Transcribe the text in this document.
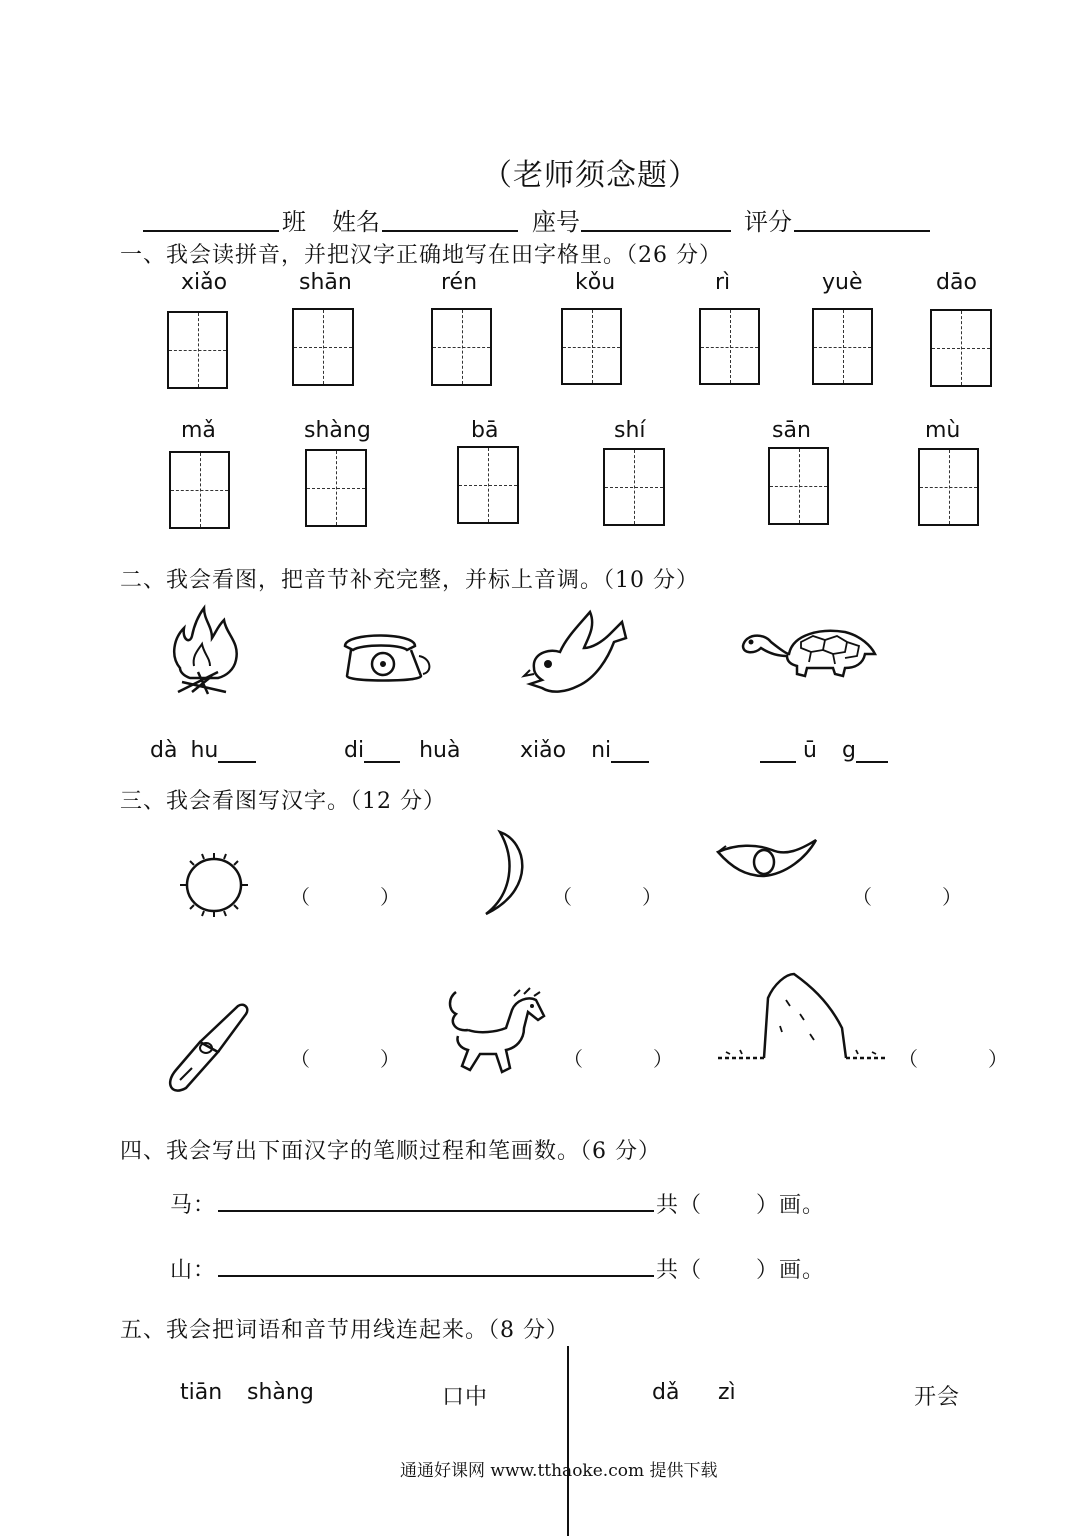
（老师须念题）
班 姓名	座号	评分
一、我会读拼音，并把汉字正确地写在田字格里。（26 分）
xiǎo	shān	rén	kǒu	rì	yuè	dāo
mǎ	shàng	bā	shí	sān	mù
二、我会看图，把音节补充完整，并标上音调。（10 分）
dà hu	di	huà	xiǎo ni	ū g
三、我会看图写汉字。（12 分）
（	）	（	）	（	）
（	）	（	）	（	）
四、我会写出下面汉字的笔顺过程和笔画数。（6 分）
马：	共（ ）画。
山：	共（ ）画。
五、我会把词语和音节用线连起来。（8 分）
tiān shàng	口中	dǎ zì	开会
通通好课网 www.tthaoke.com 提供下载
